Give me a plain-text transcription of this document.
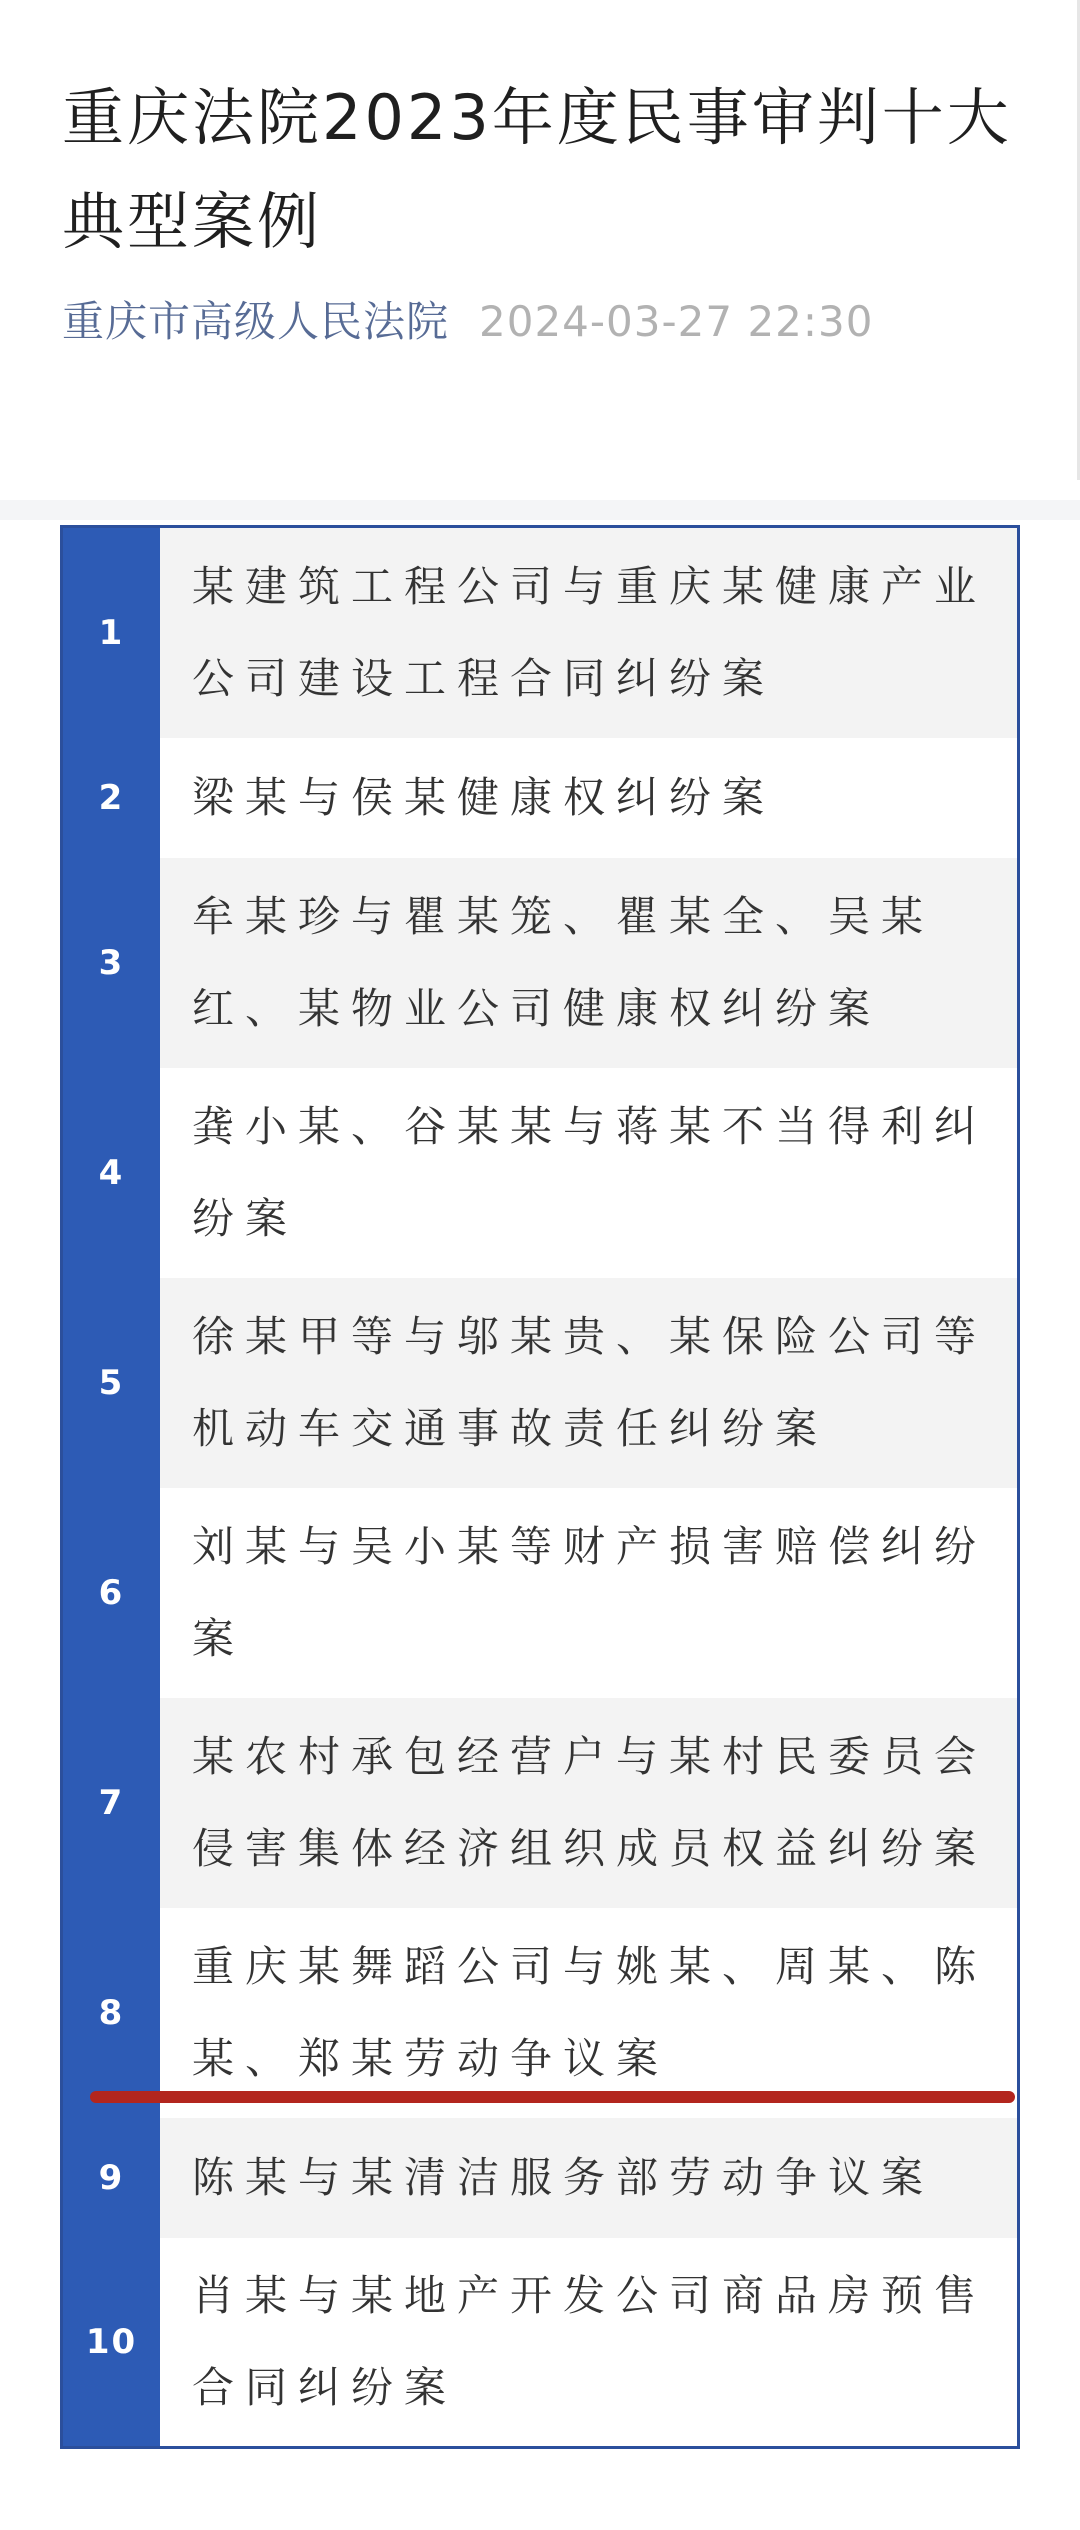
重庆法院2023年度民事审判十大典型案例
重庆市高级人民法院 2024-03-27 22:30
1
某建筑工程公司与重庆某健康产业公司建设工程合同纠纷案
2	梁某与侯某健康权纠纷案
3
牟某珍与瞿某笼、瞿某全、吴某红、某物业公司健康权纠纷案
4
龚小某、谷某某与蒋某不当得利纠纷案
5
徐某甲等与邬某贵、某保险公司等机动车交通事故责任纠纷案
6
刘某与吴小某等财产损害赔偿纠纷案
7
某农村承包经营户与某村民委员会侵害集体经济组织成员权益纠纷案
8
重庆某舞蹈公司与姚某、周某、陈某、郑某劳动争议案
9	陈某与某清洁服务部劳动争议案
10
肖某与某地产开发公司商品房预售合同纠纷案
